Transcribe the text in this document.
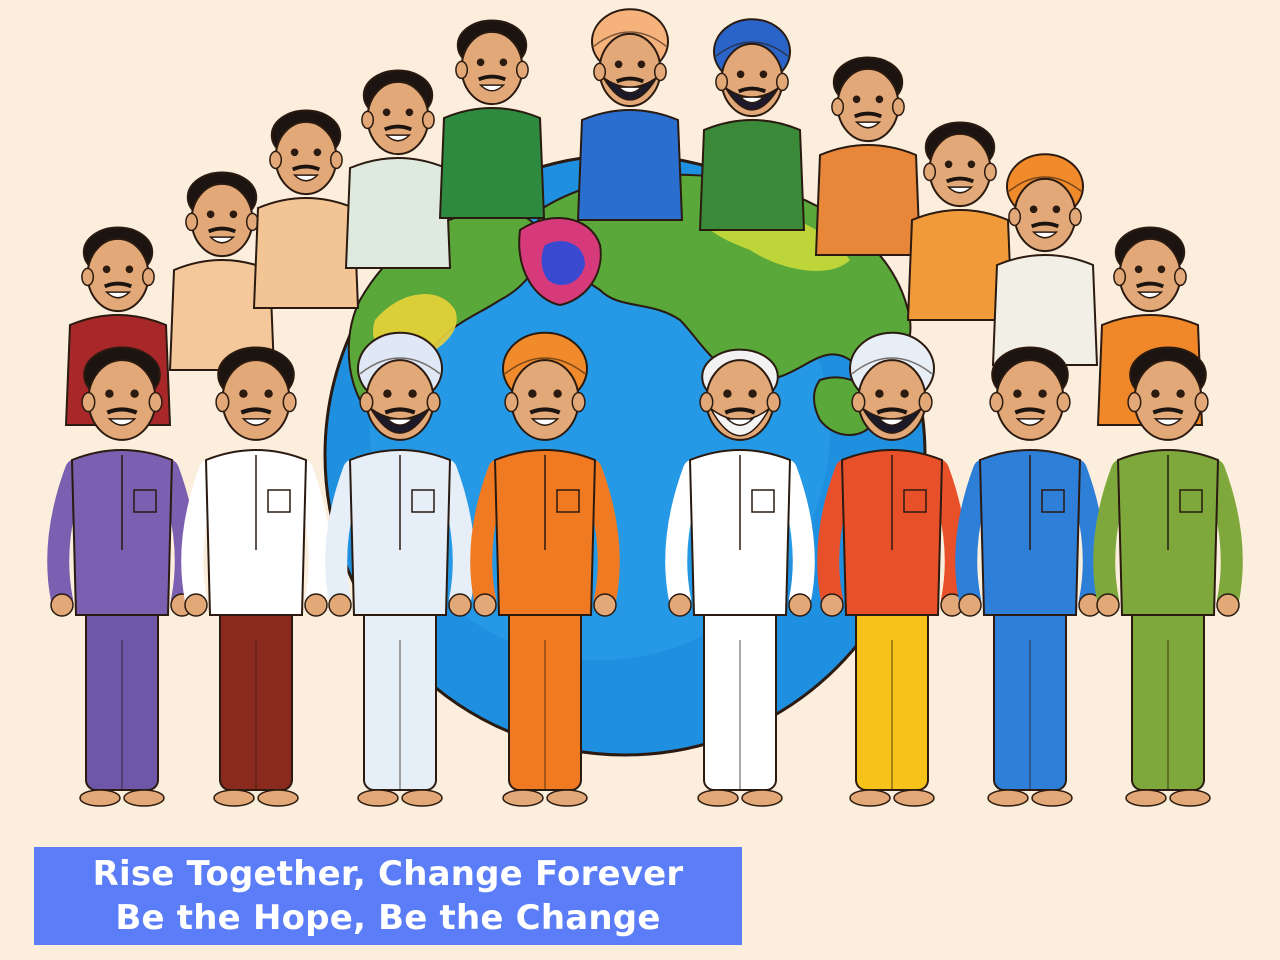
Rise Together, Change Forever
Be the Hope, Be the Change
